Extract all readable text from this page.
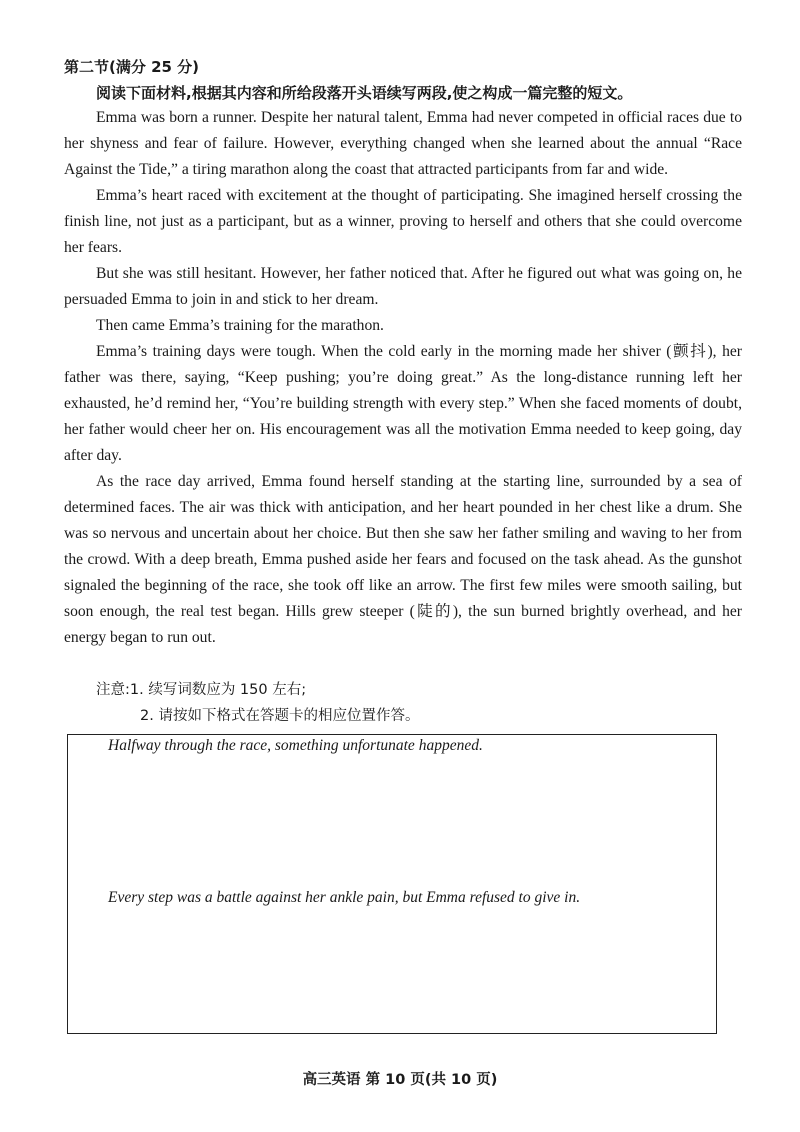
第二节(满分 25 分)
阅读下面材料,根据其内容和所给段落开头语续写两段,使之构成一篇完整的短文。

Emma was born a runner. Despite her natural talent, Emma had never competed in official races due to her shyness and fear of failure. However, everything changed when she learned about the annual “Race Against the Tide,” a tiring marathon along the coast that attracted participants from far and wide.

Emma’s heart raced with excitement at the thought of participating. She imagined herself crossing the finish line, not just as a participant, but as a winner, proving to herself and others that she could overcome her fears.

But she was still hesitant. However, her father noticed that. After he figured out what was going on, he persuaded Emma to join in and stick to her dream.

Then came Emma’s training for the marathon.

Emma’s training days were tough. When the cold early in the morning made her shiver (颤抖), her father was there, saying, “Keep pushing; you’re doing great.” As the long-distance running left her exhausted, he’d remind her, “You’re building strength with every step.” When she faced moments of doubt, her father would cheer her on. His encouragement was all the motivation Emma needed to keep going, day after day.

As the race day arrived, Emma found herself standing at the starting line, surrounded by a sea of determined faces. The air was thick with anticipation, and her heart pounded in her chest like a drum. She was so nervous and uncertain about her choice. But then she saw her father smiling and waving to her from the crowd. With a deep breath, Emma pushed aside her fears and focused on the task ahead. As the gunshot signaled the beginning of the race, she took off like an arrow. The first few miles were smooth sailing, but soon enough, the real test began. Hills grew steeper (陡的), the sun burned brightly overhead, and her energy began to run out.

注意:1. 续写词数应为 150 左右;
2. 请按如下格式在答题卡的相应位置作答。
Halfway through the race, something unfortunate happened.
Every step was a battle against her ankle pain, but Emma refused to give in.
高三英语 第 10 页(共 10 页)
